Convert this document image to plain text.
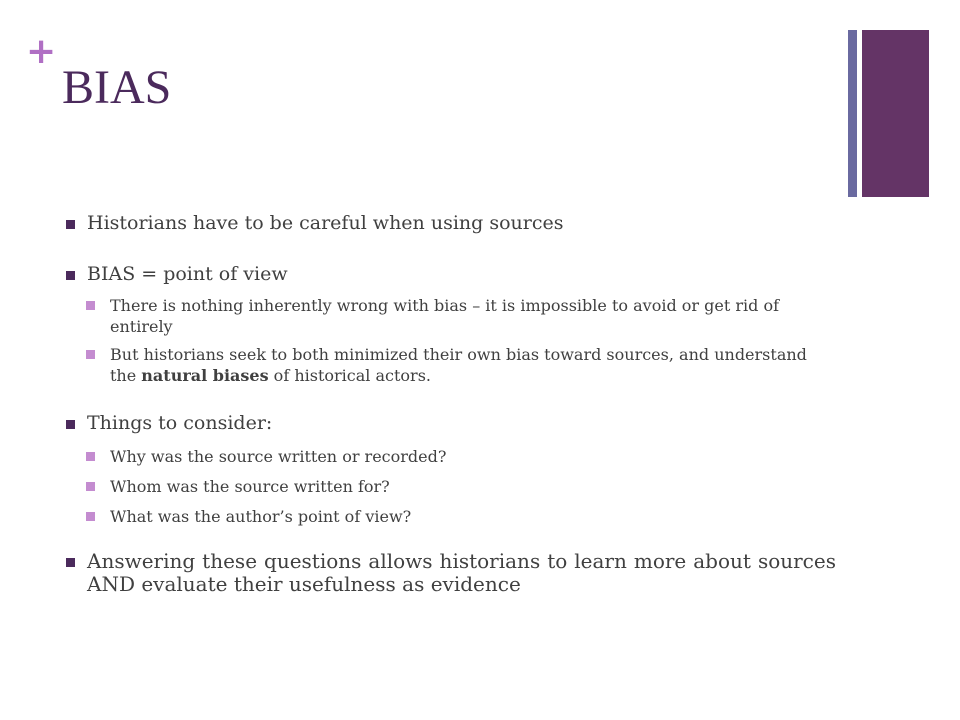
+
BIAS
Historians have to be careful when using sources
BIAS = point of view
There is nothing inherently wrong with bias – it is impossible to avoid or get rid of entirely
But historians seek to both minimized their own bias toward sources, and understand the natural biases of historical actors.
Things to consider:
Why was the source written or recorded?
Whom was the source written for?
What was the author’s point of view?
Answering these questions allows historians to learn more about sources AND evaluate their usefulness as evidence
